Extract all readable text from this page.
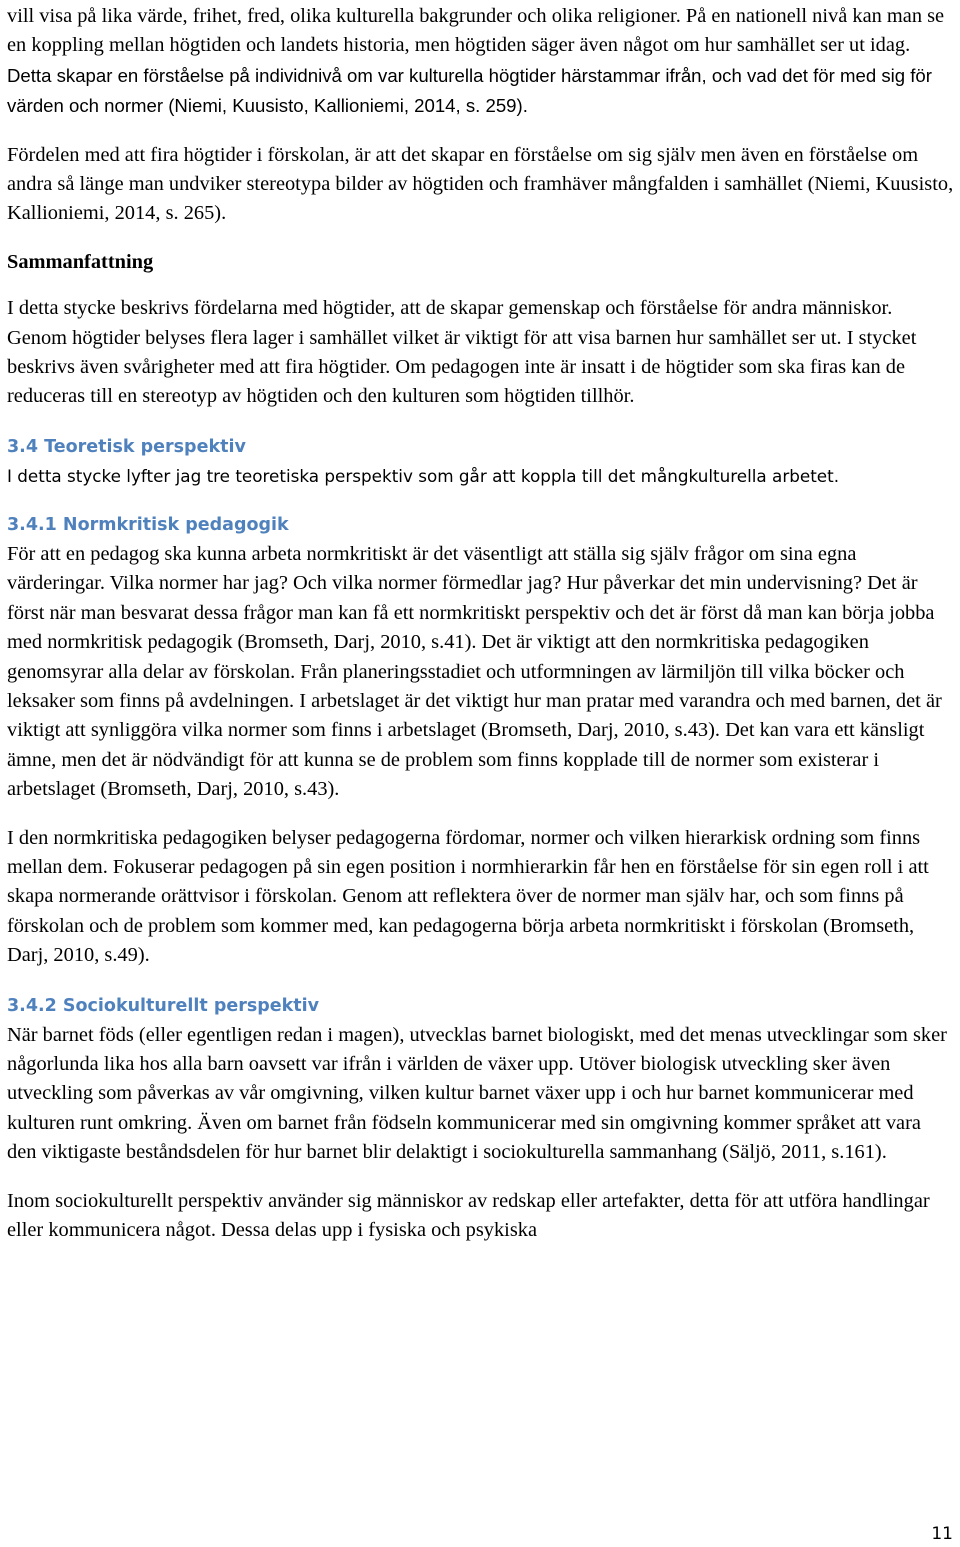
vill visa på lika värde, frihet, fred, olika kulturella bakgrunder och olika religioner. På en nationell nivå kan man se en koppling mellan högtiden och landets historia, men högtiden säger även något om hur samhället ser ut idag. Detta skapar en förståelse på individnivå om var kulturella högtider härstammar ifrån, och vad det för med sig för värden och normer (Niemi, Kuusisto, Kallioniemi, 2014, s. 259).

Fördelen med att fira högtider i förskolan, är att det skapar en förståelse om sig själv men även en förståelse om andra så länge man undviker stereotypa bilder av högtiden och framhäver mångfalden i samhället (Niemi, Kuusisto, Kallioniemi, 2014, s. 265).

Sammanfattning

I detta stycke beskrivs fördelarna med högtider, att de skapar gemenskap och förståelse för andra människor. Genom högtider belyses flera lager i samhället vilket är viktigt för att visa barnen hur samhället ser ut. I stycket beskrivs även svårigheter med att fira högtider. Om pedagogen inte är insatt i de högtider som ska firas kan de reduceras till en stereotyp av högtiden och den kulturen som högtiden tillhör.

3.4 Teoretisk perspektiv

I detta stycke lyfter jag tre teoretiska perspektiv som går att koppla till det mångkulturella arbetet.

3.4.1 Normkritisk pedagogik

För att en pedagog ska kunna arbeta normkritiskt är det väsentligt att ställa sig själv frågor om sina egna värderingar. Vilka normer har jag? Och vilka normer förmedlar jag? Hur påverkar det min undervisning? Det är först när man besvarat dessa frågor man kan få ett normkritiskt perspektiv och det är först då man kan börja jobba med normkritisk pedagogik (Bromseth, Darj, 2010, s.41). Det är viktigt att den normkritiska pedagogiken genomsyrar alla delar av förskolan. Från planeringsstadiet och utformningen av lärmiljön till vilka böcker och leksaker som finns på avdelningen. I arbetslaget är det viktigt hur man pratar med varandra och med barnen, det är viktigt att synliggöra vilka normer som finns i arbetslaget (Bromseth, Darj, 2010, s.43). Det kan vara ett känsligt ämne, men det är nödvändigt för att kunna se de problem som finns kopplade till de normer som existerar i arbetslaget (Bromseth, Darj, 2010, s.43).

I den normkritiska pedagogiken belyser pedagogerna fördomar, normer och vilken hierarkisk ordning som finns mellan dem. Fokuserar pedagogen på sin egen position i normhierarkin får hen en förståelse för sin egen roll i att skapa normerande orättvisor i förskolan. Genom att reflektera över de normer man själv har, och som finns på förskolan och de problem som kommer med, kan pedagogerna börja arbeta normkritiskt i förskolan (Bromseth, Darj, 2010, s.49).

3.4.2 Sociokulturellt perspektiv

När barnet föds (eller egentligen redan i magen), utvecklas barnet biologiskt, med det menas utvecklingar som sker någorlunda lika hos alla barn oavsett var ifrån i världen de växer upp. Utöver biologisk utveckling sker även utveckling som påverkas av vår omgivning, vilken kultur barnet växer upp i och hur barnet kommunicerar med kulturen runt omkring. Även om barnet från födseln kommunicerar med sin omgivning kommer språket att vara den viktigaste beståndsdelen för hur barnet blir delaktigt i sociokulturella sammanhang (Säljö, 2011, s.161).

Inom sociokulturellt perspektiv använder sig människor av redskap eller artefakter, detta för att utföra handlingar eller kommunicera något. Dessa delas upp i fysiska och psykiska

11
